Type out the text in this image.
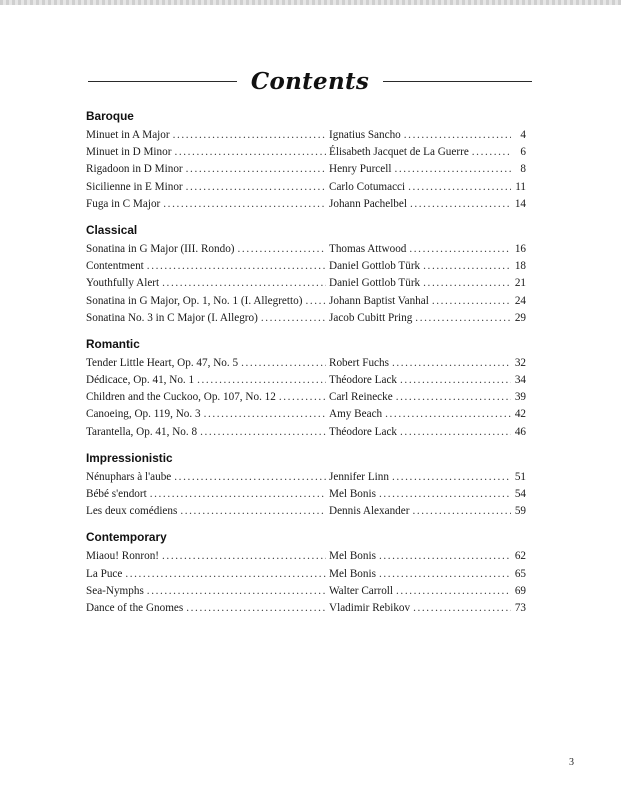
Contents
Baroque
Minuet in A Major .....	Ignatius Sancho .....	4
Minuet in D Minor .....	Élisabeth Jacquet de La Guerre .....	6
Rigadoon in D Minor .....	Henry Purcell .....	8
Sicilienne in E Minor .....	Carlo Cotumacci .....	11
Fuga in C Major .....	Johann Pachelbel .....	14
Classical
Sonatina in G Major (III. Rondo) .....	Thomas Attwood .....	16
Contentment .....	Daniel Gottlob Türk .....	18
Youthfully Alert .....	Daniel Gottlob Türk .....	21
Sonatina in G Major, Op. 1, No. 1 (I. Allegretto) ..... Johann Baptist Vanhal .....	24
Sonatina No. 3 in C Major (I. Allegro) .....	Jacob Cubitt Pring .....	29
Romantic
Tender Little Heart, Op. 47, No. 5 .....	Robert Fuchs .....	32
Dédicace, Op. 41, No. 1 .....	Théodore Lack .....	34
Children and the Cuckoo, Op. 107, No. 12 .....	Carl Reinecke .....	39
Canoeing, Op. 119, No. 3 .....	Amy Beach .....	42
Tarantella, Op. 41, No. 8 .....	Théodore Lack .....	46
Impressionistic
Nénuphars à l'aube .....	Jennifer Linn .....	51
Bébé s'endort .....	Mel Bonis .....	54
Les deux comédiens .....	Dennis Alexander .....	59
Contemporary
Miaou! Ronron! .....	Mel Bonis .....	62
La Puce .....	Mel Bonis .....	65
Sea-Nymphs .....	Walter Carroll .....	69
Dance of the Gnomes .....	Vladimir Rebikov .....	73
3
